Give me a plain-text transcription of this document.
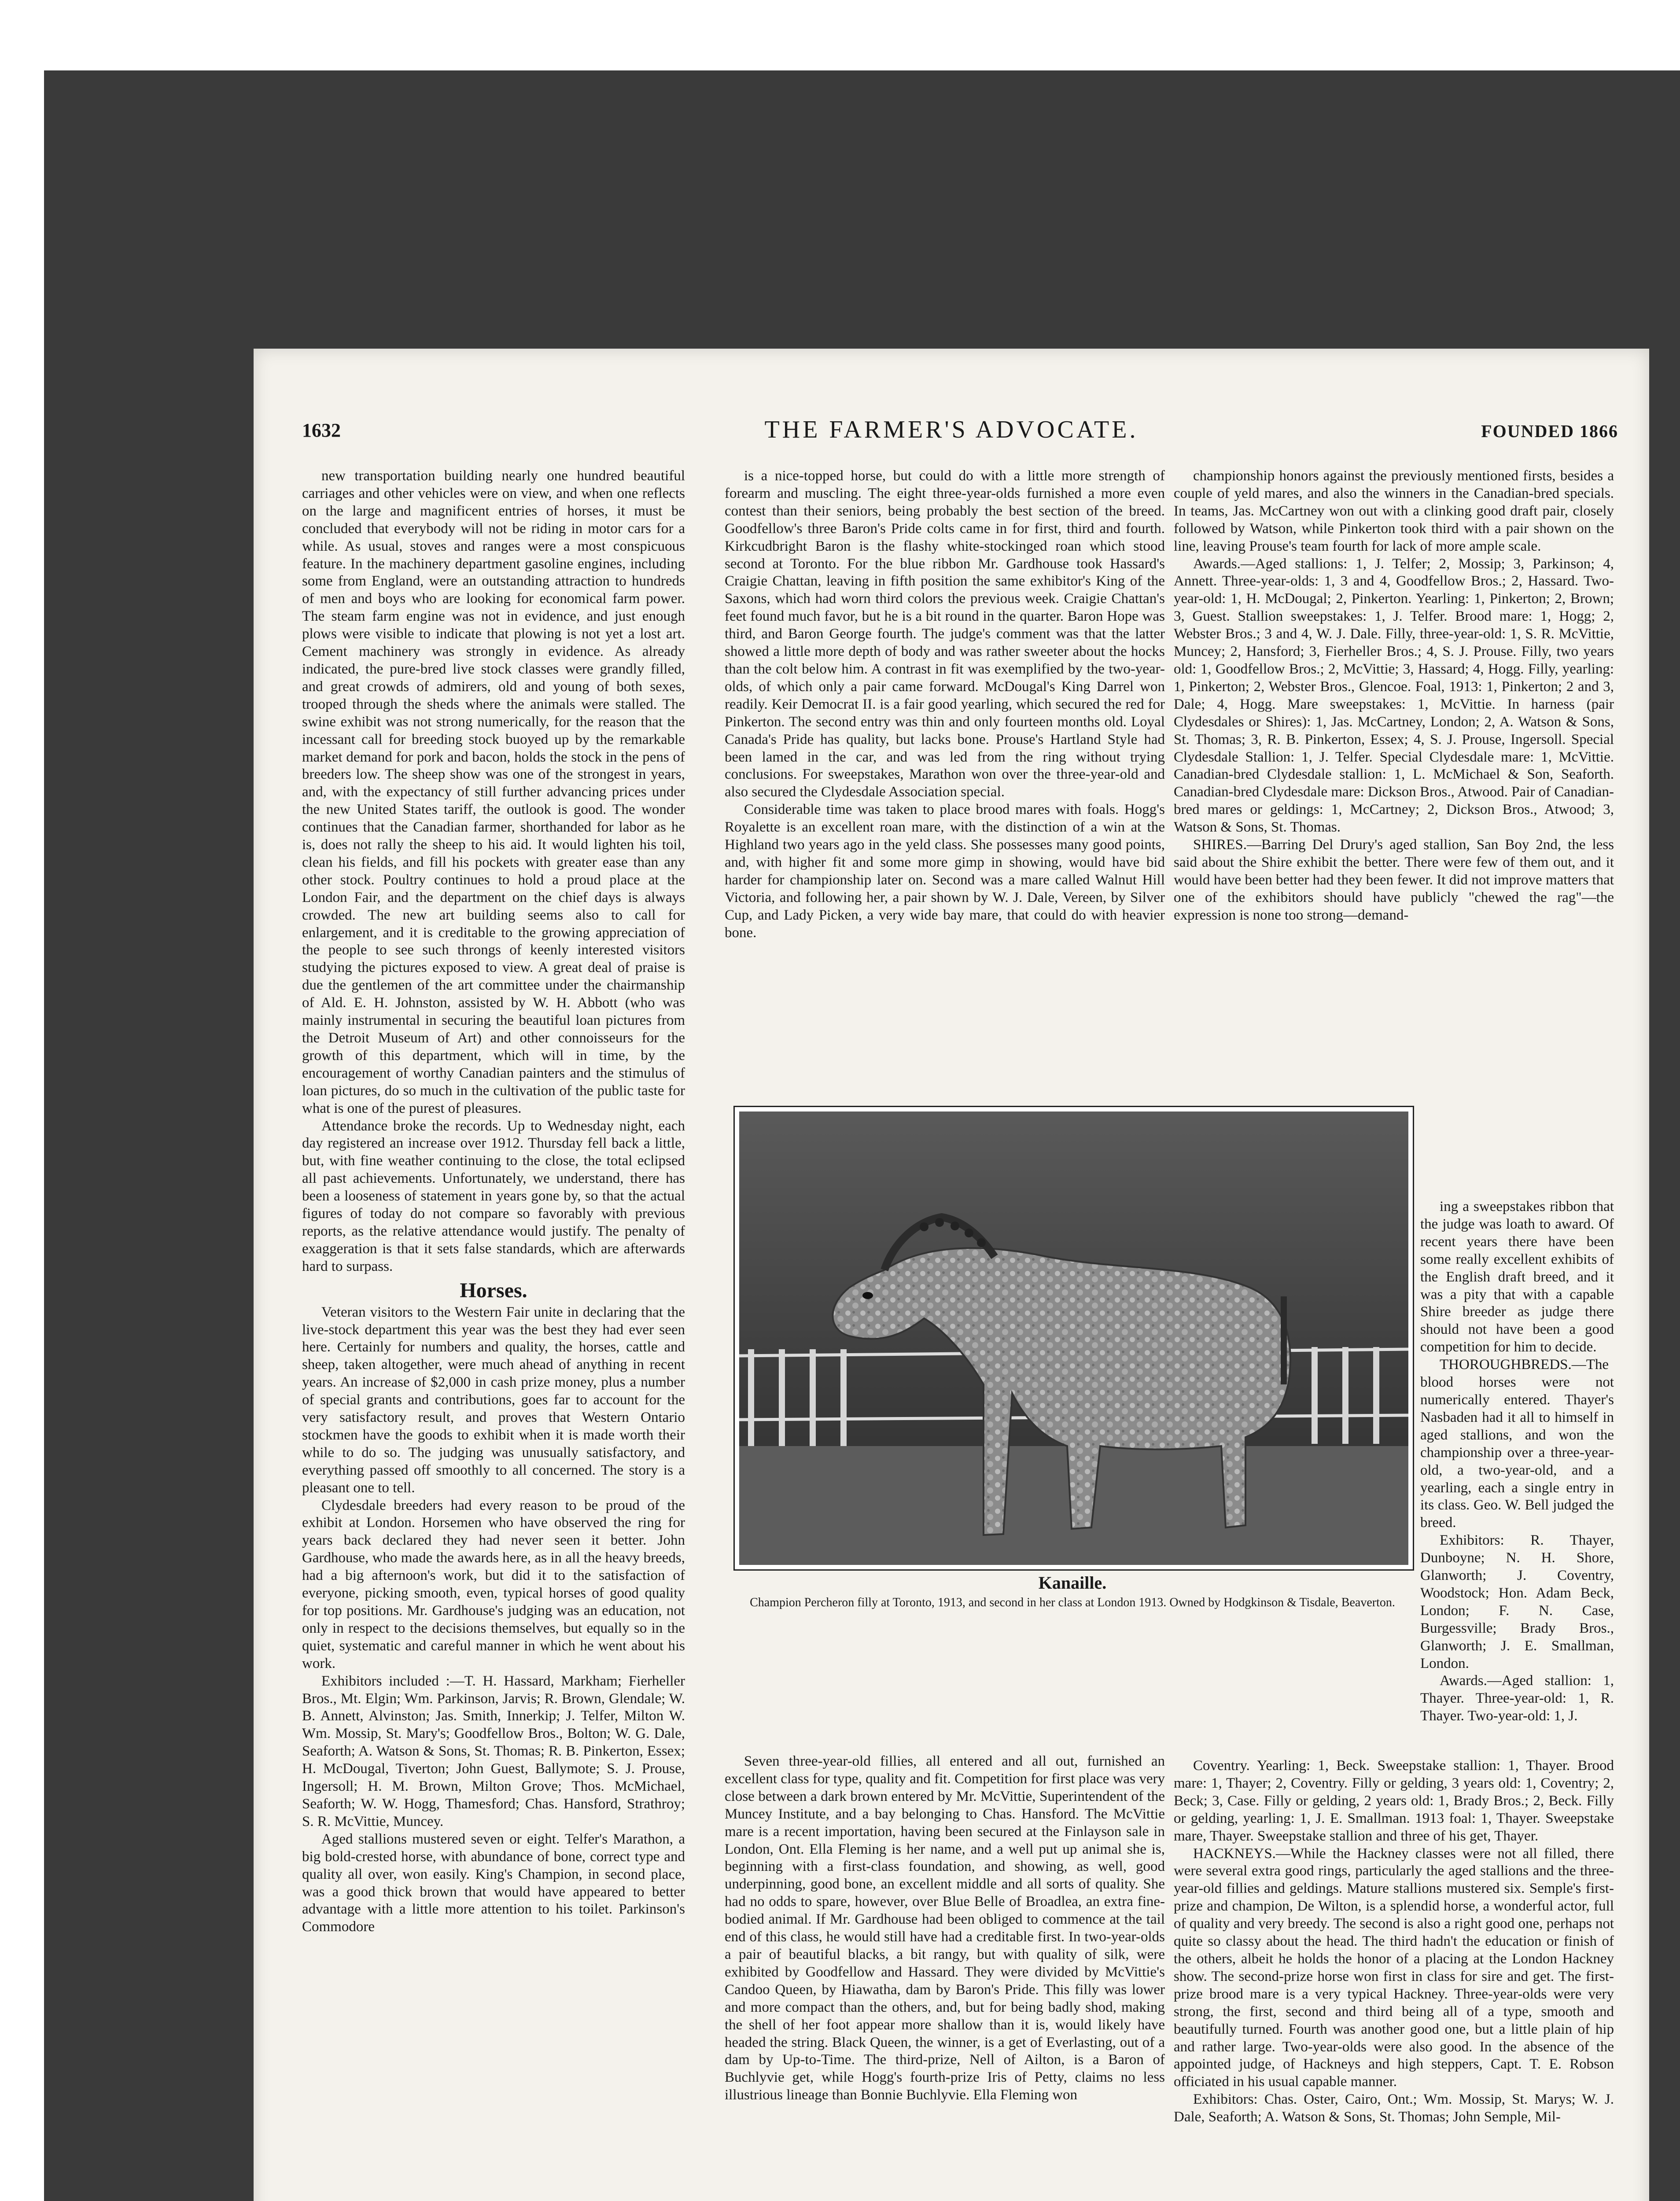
1632	THE FARMER'S ADVOCATE.	FOUNDED 1866

new transportation building nearly one hundred beautiful carriages and other vehicles were on view, and when one reflects on the large and magnificent entries of horses, it must be concluded that everybody will not be riding in motor cars for a while. As usual, stoves and ranges were a most conspicuous feature. In the machinery department gasoline engines, including some from England, were an outstanding attraction to hundreds of men and boys who are looking for economical farm power. The steam farm engine was not in evidence, and just enough plows were visible to indicate that plowing is not yet a lost art. Cement machinery was strongly in evidence. As already indicated, the pure-bred live stock classes were grandly filled, and great crowds of admirers, old and young of both sexes, trooped through the sheds where the animals were stalled. The swine exhibit was not strong numerically, for the reason that the incessant call for breeding stock buoyed up by the remarkable market demand for pork and bacon, holds the stock in the pens of breeders low. The sheep show was one of the strongest in years, and, with the expectancy of still further advancing prices under the new United States tariff, the outlook is good. The wonder continues that the Canadian farmer, shorthanded for labor as he is, does not rally the sheep to his aid. It would lighten his toil, clean his fields, and fill his pockets with greater ease than any other stock. Poultry continues to hold a proud place at the London Fair, and the department on the chief days is always crowded. The new art building seems also to call for enlargement, and it is creditable to the growing appreciation of the people to see such throngs of keenly interested visitors studying the pictures exposed to view. A great deal of praise is due the gentlemen of the art committee under the chairmanship of Ald. E. H. Johnston, assisted by W. H. Abbott (who was mainly instrumental in securing the beautiful loan pictures from the Detroit Museum of Art) and other connoisseurs for the growth of this department, which will in time, by the encouragement of worthy Canadian painters and the stimulus of loan pictures, do so much in the cultivation of the public taste for what is one of the purest of pleasures.

Attendance broke the records. Up to Wednesday night, each day registered an increase over 1912. Thursday fell back a little, but, with fine weather continuing to the close, the total eclipsed all past achievements. Unfortunately, we understand, there has been a looseness of statement in years gone by, so that the actual figures of today do not compare so favorably with previous reports, as the relative attendance would justify. The penalty of exaggeration is that it sets false standards, which are afterwards hard to surpass.

Horses.

Veteran visitors to the Western Fair unite in declaring that the live-stock department this year was the best they had ever seen here. Certainly for numbers and quality, the horses, cattle and sheep, taken altogether, were much ahead of anything in recent years. An increase of $2,000 in cash prize money, plus a number of special grants and contributions, goes far to account for the very satisfactory result, and proves that Western Ontario stockmen have the goods to exhibit when it is made worth their while to do so. The judging was unusually satisfactory, and everything passed off smoothly to all concerned. The story is a pleasant one to tell.

Clydesdale breeders had every reason to be proud of the exhibit at London. Horsemen who have observed the ring for years back declared they had never seen it better. John Gardhouse, who made the awards here, as in all the heavy breeds, had a big afternoon's work, but did it to the satisfaction of everyone, picking smooth, even, typical horses of good quality for top positions. Mr. Gardhouse's judging was an education, not only in respect to the decisions themselves, but equally so in the quiet, systematic and careful manner in which he went about his work.

Exhibitors included :—T. H. Hassard, Markham; Fierheller Bros., Mt. Elgin; Wm. Parkinson, Jarvis; R. Brown, Glendale; W. B. Annett, Alvinston; Jas. Smith, Innerkip; J. Telfer, Milton W. Wm. Mossip, St. Mary's; Goodfellow Bros., Bolton; W. G. Dale, Seaforth; A. Watson & Sons, St. Thomas; R. B. Pinkerton, Essex; H. McDougal, Tiverton; John Guest, Ballymote; S. J. Prouse, Ingersoll; H. M. Brown, Milton Grove; Thos. McMichael, Seaforth; W. W. Hogg, Thamesford; Chas. Hansford, Strathroy; S. R. McVittie, Muncey.

Aged stallions mustered seven or eight. Telfer's Marathon, a big bold-crested horse, with abundance of bone, correct type and quality all over, won easily. King's Champion, in second place, was a good thick brown that would have appeared to better advantage with a little more attention to his toilet. Parkinson's Commodore

is a nice-topped horse, but could do with a little more strength of forearm and muscling. The eight three-year-olds furnished a more even contest than their seniors, being probably the best section of the breed. Goodfellow's three Baron's Pride colts came in for first, third and fourth. Kirkcudbright Baron is the flashy white-stockinged roan which stood second at Toronto. For the blue ribbon Mr. Gardhouse took Hassard's Craigie Chattan, leaving in fifth position the same exhibitor's King of the Saxons, which had worn third colors the previous week. Craigie Chattan's feet found much favor, but he is a bit round in the quarter. Baron Hope was third, and Baron George fourth. The judge's comment was that the latter showed a little more depth of body and was rather sweeter about the hocks than the colt below him. A contrast in fit was exemplified by the two-year-olds, of which only a pair came forward. McDougal's King Darrel won readily. Keir Democrat II. is a fair good yearling, which secured the red for Pinkerton. The second entry was thin and only fourteen months old. Loyal Canada's Pride has quality, but lacks bone. Prouse's Hartland Style had been lamed in the car, and was led from the ring without trying conclusions. For sweepstakes, Marathon won over the three-year-old and also secured the Clydesdale Association special.

Considerable time was taken to place brood mares with foals. Hogg's Royalette is an excellent roan mare, with the distinction of a win at the Highland two years ago in the yeld class. She possesses many good points, and, with higher fit and some more gimp in showing, would have bid harder for championship later on. Second was a mare called Walnut Hill Victoria, and following her, a pair shown by W. J. Dale, Vereen, by Silver Cup, and Lady Picken, a very wide bay mare, that could do with heavier bone.

championship honors against the previously mentioned firsts, besides a couple of yeld mares, and also the winners in the Canadian-bred specials. In teams, Jas. McCartney won out with a clinking good draft pair, closely followed by Watson, while Pinkerton took third with a pair shown on the line, leaving Prouse's team fourth for lack of more ample scale.

Awards.—Aged stallions: 1, J. Telfer; 2, Mossip; 3, Parkinson; 4, Annett. Three-year-olds: 1, 3 and 4, Goodfellow Bros.; 2, Hassard. Two-year-old: 1, H. McDougal; 2, Pinkerton. Yearling: 1, Pinkerton; 2, Brown; 3, Guest. Stallion sweepstakes: 1, J. Telfer. Brood mare: 1, Hogg; 2, Webster Bros.; 3 and 4, W. J. Dale. Filly, three-year-old: 1, S. R. McVittie, Muncey; 2, Hansford; 3, Fierheller Bros.; 4, S. J. Prouse. Filly, two years old: 1, Goodfellow Bros.; 2, McVittie; 3, Hassard; 4, Hogg. Filly, yearling: 1, Pinkerton; 2, Webster Bros., Glencoe. Foal, 1913: 1, Pinkerton; 2 and 3, Dale; 4, Hogg. Mare sweepstakes: 1, McVittie. In harness (pair Clydesdales or Shires): 1, Jas. McCartney, London; 2, A. Watson & Sons, St. Thomas; 3, R. B. Pinkerton, Essex; 4, S. J. Prouse, Ingersoll. Special Clydesdale Stallion: 1, J. Telfer. Special Clydesdale mare: 1, McVittie. Canadian-bred Clydesdale stallion: 1, L. McMichael & Son, Seaforth. Canadian-bred Clydesdale mare: Dickson Bros., Atwood. Pair of Canadian-bred mares or geldings: 1, McCartney; 2, Dickson Bros., Atwood; 3, Watson & Sons, St. Thomas.

SHIRES.—Barring Del Drury's aged stallion, San Boy 2nd, the less said about the Shire exhibit the better. There were few of them out, and it would have been better had they been fewer. It did not improve matters that one of the exhibitors should have publicly "chewed the rag"—the expression is none too strong—demand-

ing a sweepstakes ribbon that the judge was loath to award. Of recent years there have been some really excellent exhibits of the English draft breed, and it was a pity that with a capable Shire breeder as judge there should not have been a good competition for him to decide.

THOROUGHBREDS.—The blood horses were not numerically entered. Thayer's Nasbaden had it all to himself in aged stallions, and won the championship over a three-year-old, a two-year-old, and a yearling, each a single entry in its class. Geo. W. Bell judged the breed.

Exhibitors: R. Thayer, Dunboyne; N. H. Shore, Glanworth; J. Coventry, Woodstock; Hon. Adam Beck, London; F. N. Case, Burgessville; Brady Bros., Glanworth; J. E. Smallman, London.

Awards.—Aged stallion: 1, Thayer. Three-year-old: 1, R. Thayer. Two-year-old: 1, J.

Kanaille.
Champion Percheron filly at Toronto, 1913, and second in her class at London 1913. Owned by Hodgkinson & Tisdale, Beaverton.

Seven three-year-old fillies, all entered and all out, furnished an excellent class for type, quality and fit. Competition for first place was very close between a dark brown entered by Mr. McVittie, Superintendent of the Muncey Institute, and a bay belonging to Chas. Hansford. The McVittie mare is a recent importation, having been secured at the Finlayson sale in London, Ont. Ella Fleming is her name, and a well put up animal she is, beginning with a first-class foundation, and showing, as well, good underpinning, good bone, an excellent middle and all sorts of quality. She had no odds to spare, however, over Blue Belle of Broadlea, an extra fine-bodied animal. If Mr. Gardhouse had been obliged to commence at the tail end of this class, he would still have had a creditable first. In two-year-olds a pair of beautiful blacks, a bit rangy, but with quality of silk, were exhibited by Goodfellow and Hassard. They were divided by McVittie's Candoo Queen, by Hiawatha, dam by Baron's Pride. This filly was lower and more compact than the others, and, but for being badly shod, making the shell of her foot appear more shallow than it is, would likely have headed the string. Black Queen, the winner, is a get of Everlasting, out of a dam by Up-to-Time. The third-prize, Nell of Ailton, is a Baron of Buchlyvie get, while Hogg's fourth-prize Iris of Petty, claims no less illustrious lineage than Bonnie Buchlyvie. Ella Fleming won

Coventry. Yearling: 1, Beck. Sweepstake stallion: 1, Thayer. Brood mare: 1, Thayer; 2, Coventry. Filly or gelding, 3 years old: 1, Coventry; 2, Beck; 3, Case. Filly or gelding, 2 years old: 1, Brady Bros.; 2, Beck. Filly or gelding, yearling: 1, J. E. Smallman. 1913 foal: 1, Thayer. Sweepstake mare, Thayer. Sweepstake stallion and three of his get, Thayer.

HACKNEYS.—While the Hackney classes were not all filled, there were several extra good rings, particularly the aged stallions and the three-year-old fillies and geldings. Mature stallions mustered six. Semple's first-prize and champion, De Wilton, is a splendid horse, a wonderful actor, full of quality and very breedy. The second is also a right good one, perhaps not quite so classy about the head. The third hadn't the education or finish of the others, albeit he holds the honor of a placing at the London Hackney show. The second-prize horse won first in class for sire and get. The first-prize brood mare is a very typical Hackney. Three-year-olds were very strong, the first, second and third being all of a type, smooth and beautifully turned. Fourth was another good one, but a little plain of hip and rather large. Two-year-olds were also good. In the absence of the appointed judge, of Hackneys and high steppers, Capt. T. E. Robson officiated in his usual capable manner.

Exhibitors: Chas. Oster, Cairo, Ont.; Wm. Mossip, St. Marys; W. J. Dale, Seaforth; A. Watson & Sons, St. Thomas; John Semple, Mil-
